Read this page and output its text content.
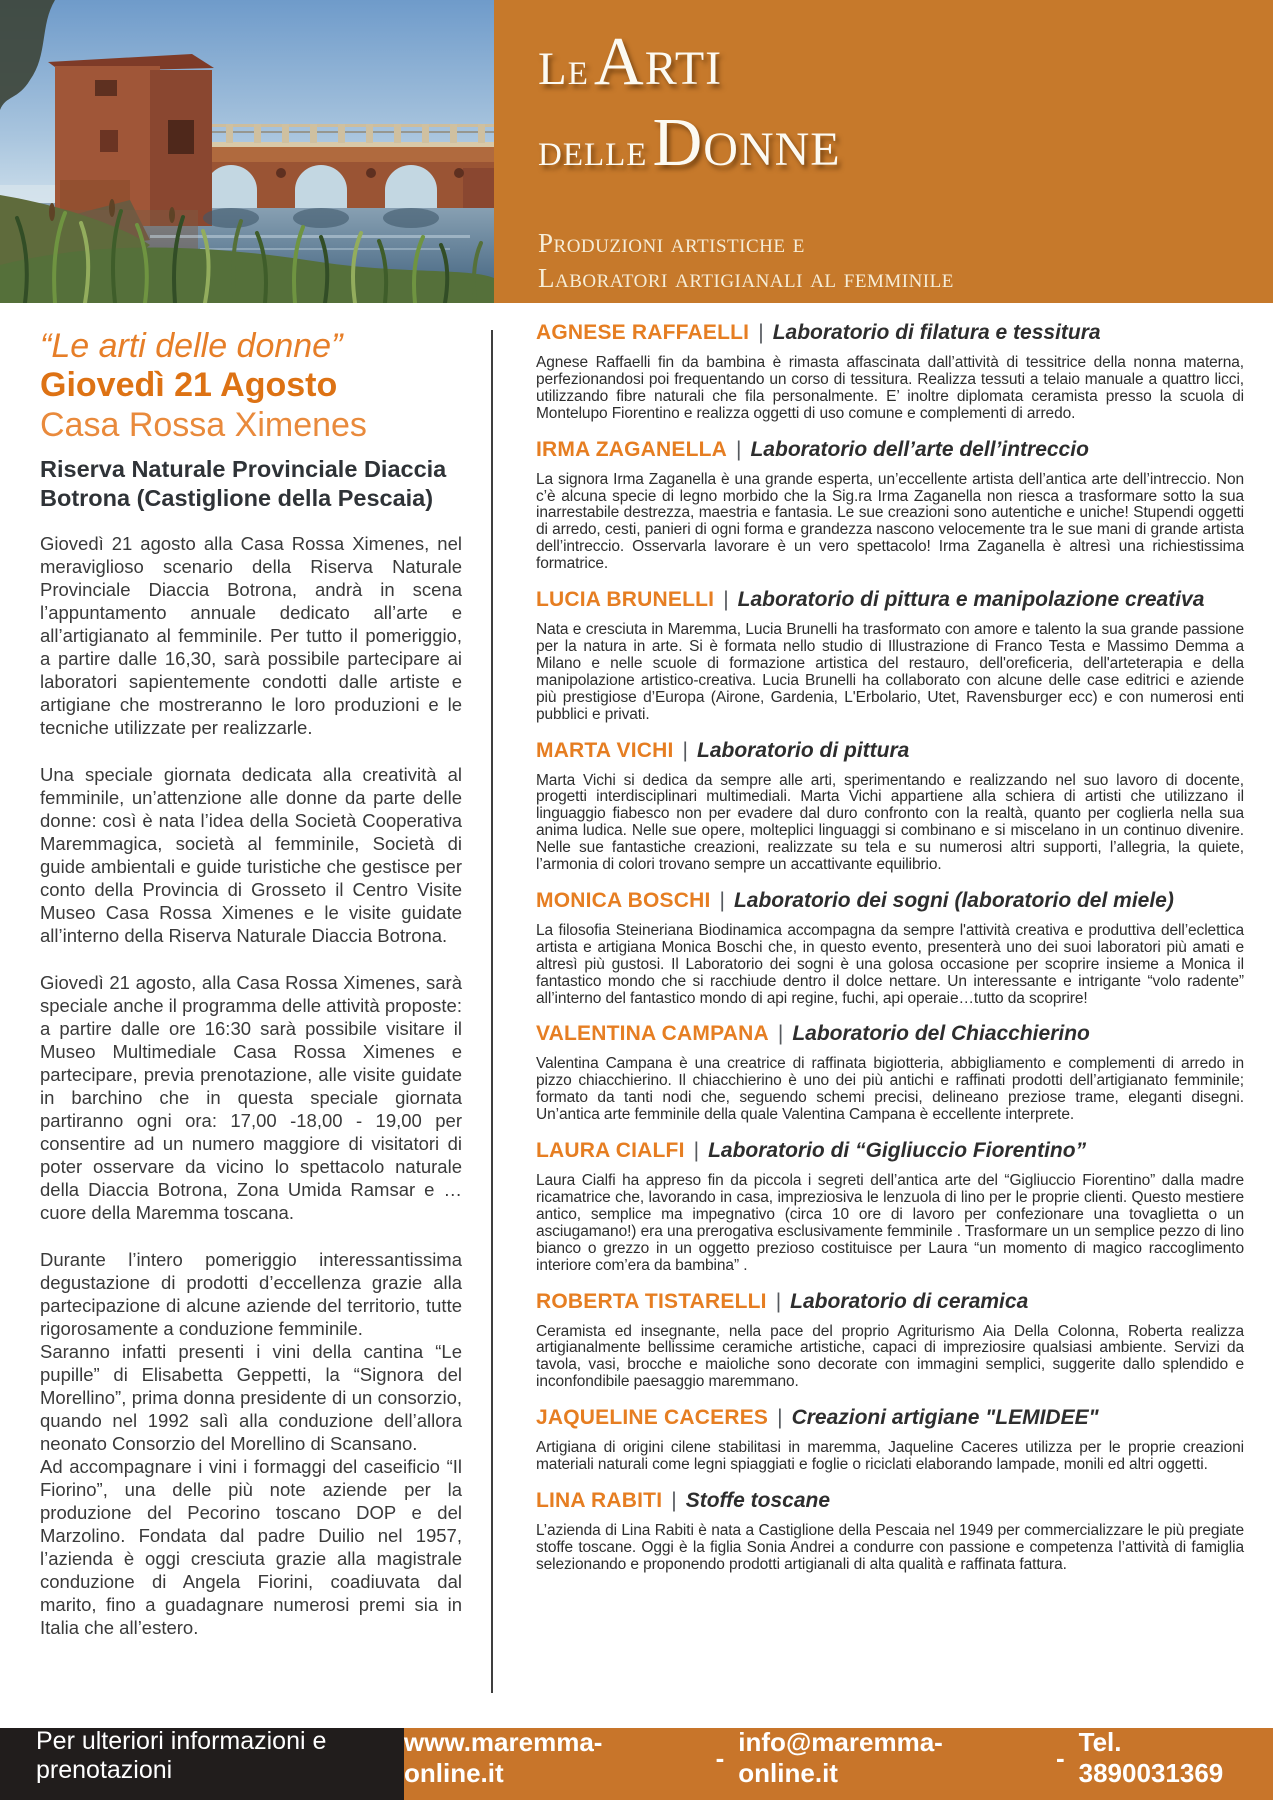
Le Arti
delle Donne
Produzioni artistiche e
Laboratori artigianali al femminile
“Le arti delle donne”
Giovedì 21 Agosto
Casa Rossa Ximenes
Riserva Naturale Provinciale Diaccia
Botrona (Castiglione della Pescaia)

Giovedì 21 agosto alla Casa Rossa Ximenes, nel meraviglioso scenario della Riserva Naturale Provinciale Diaccia Botrona, andrà in scena l’appuntamento annuale dedicato all’arte e all’artigianato al femminile. Per tutto il pomeriggio, a partire dalle 16,30, sarà possibile partecipare ai laboratori sapientemente condotti dalle artiste e artigiane che mostreranno le loro produzioni e le tecniche utilizzate per realizzarle.

Una speciale giornata dedicata alla creatività al femminile, un’attenzione alle donne da parte delle donne: così è nata l’idea della Società Cooperativa Maremmagica, società al femminile, Società di guide ambientali e guide turistiche che gestisce per conto della Provincia di Grosseto il Centro Visite Museo Casa Rossa Ximenes e le visite guidate all’interno della Riserva Naturale Diaccia Botrona.

Giovedì 21 agosto, alla Casa Rossa Ximenes, sarà speciale anche il programma delle attività proposte: a partire dalle ore 16:30 sarà possibile visitare il Museo Multimediale Casa Rossa Ximenes e partecipare, previa prenotazione, alle visite guidate in barchino che in questa speciale giornata partiranno ogni ora: 17,00 -18,00 - 19,00 per consentire ad un numero maggiore di visitatori di poter osservare da vicino lo spettacolo naturale della Diaccia Botrona, Zona Umida Ramsar e …cuore della Maremma toscana.

Durante l’intero pomeriggio interessantissima degustazione di prodotti d’eccellenza grazie alla partecipazione di alcune aziende del territorio, tutte rigorosamente a conduzione femminile.

Saranno infatti presenti i vini della cantina “Le pupille” di Elisabetta Geppetti, la “Signora del Morellino”, prima donna presidente di un consorzio, quando nel 1992 salì alla conduzione dell’allora neonato Consorzio del Morellino di Scansano.

Ad accompagnare i vini i formaggi del caseificio “Il Fiorino”, una delle più note aziende per la produzione del Pecorino toscano DOP e del Marzolino. Fondata dal padre Duilio nel 1957, l’azienda è oggi cresciuta grazie alla magistrale conduzione di Angela Fiorini, coadiuvata dal marito, fino a guadagnare numerosi premi sia in Italia che all’estero.

AGNESE RAFFAELLI | Laboratorio di filatura e tessitura

Agnese Raffaelli fin da bambina è rimasta affascinata dall’attività di tessitrice della nonna materna, perfezionandosi poi frequentando un corso di tessitura. Realizza tessuti a telaio manuale a quattro licci, utilizzando fibre naturali che fila personalmente. E’ inoltre diplomata ceramista presso la scuola di Montelupo Fiorentino e realizza oggetti di uso comune e complementi di arredo.

IRMA ZAGANELLA | Laboratorio dell’arte dell’intreccio

La signora Irma Zaganella è una grande esperta, un’eccellente artista dell’antica arte dell’intreccio. Non c’è alcuna specie di legno morbido che la Sig.ra Irma Zaganella non riesca a trasformare sotto la sua inarrestabile destrezza, maestria e fantasia. Le sue creazioni sono autentiche e uniche! Stupendi oggetti di arredo, cesti, panieri di ogni forma e grandezza nascono velocemente tra le sue mani di grande artista dell’intreccio. Osservarla lavorare è un vero spettacolo! Irma Zaganella è altresì una richiestissima formatrice.

LUCIA BRUNELLI | Laboratorio di pittura e manipolazione creativa

Nata e cresciuta in Maremma, Lucia Brunelli ha trasformato con amore e talento la sua grande passione per la natura in arte. Si è formata nello studio di Illustrazione di Franco Testa e Massimo Demma a Milano e nelle scuole di formazione artistica del restauro, dell'oreficeria, dell'arteterapia e della manipolazione artistico-creativa. Lucia Brunelli ha collaborato con alcune delle case editrici e aziende più prestigiose d’Europa (Airone, Gardenia, L'Erbolario, Utet, Ravensburger ecc) e con numerosi enti pubblici e privati.

MARTA VICHI | Laboratorio di pittura

Marta Vichi si dedica da sempre alle arti, sperimentando e realizzando nel suo lavoro di docente, progetti interdisciplinari multimediali. Marta Vichi appartiene alla schiera di artisti che utilizzano il linguaggio fiabesco non per evadere dal duro confronto con la realtà, quanto per coglierla nella sua anima ludica. Nelle sue opere, molteplici linguaggi si combinano e si miscelano in un continuo divenire. Nelle sue fantastiche creazioni, realizzate su tela e su numerosi altri supporti, l’allegria, la quiete, l’armonia di colori trovano sempre un accattivante equilibrio.

MONICA BOSCHI | Laboratorio dei sogni (laboratorio del miele)

La filosofia Steineriana Biodinamica accompagna da sempre l'attività creativa e produttiva dell’eclettica artista e artigiana Monica Boschi che, in questo evento, presenterà uno dei suoi laboratori più amati e altresì più gustosi. Il Laboratorio dei sogni è una golosa occasione per scoprire insieme a Monica il fantastico mondo che si racchiude dentro il dolce nettare. Un interessante e intrigante “volo radente” all’interno del fantastico mondo di api regine, fuchi, api operaie…tutto da scoprire!

VALENTINA CAMPANA | Laboratorio del Chiacchierino

Valentina Campana è una creatrice di raffinata bigiotteria, abbigliamento e complementi di arredo in pizzo chiacchierino. Il chiacchierino è uno dei più antichi e raffinati prodotti dell’artigianato femminile; formato da tanti nodi che, seguendo schemi precisi, delineano preziose trame, eleganti disegni. Un’antica arte femminile della quale Valentina Campana è eccellente interprete.

LAURA CIALFI | Laboratorio di “Gigliuccio Fiorentino”

Laura Cialfi ha appreso fin da piccola i segreti dell’antica arte del “Gigliuccio Fiorentino” dalla madre ricamatrice che, lavorando in casa, impreziosiva le lenzuola di lino per le proprie clienti. Questo mestiere antico, semplice ma impegnativo (circa 10 ore di lavoro per confezionare una tovaglietta o un asciugamano!) era una prerogativa esclusivamente femminile . Trasformare un un semplice pezzo di lino bianco o grezzo in un oggetto prezioso costituisce per Laura “un momento di magico raccoglimento interiore com’era da bambina” .

ROBERTA TISTARELLI | Laboratorio di ceramica

Ceramista ed insegnante, nella pace del proprio Agriturismo Aia Della Colonna, Roberta realizza artigianalmente bellissime ceramiche artistiche, capaci di impreziosire qualsiasi ambiente. Servizi da tavola, vasi, brocche e maioliche sono decorate con immagini semplici, suggerite dallo splendido e inconfondibile paesaggio maremmano.

JAQUELINE CACERES | Creazioni artigiane "LEMIDEE"

Artigiana di origini cilene stabilitasi in maremma, Jaqueline Caceres utilizza per le proprie creazioni materiali naturali come legni spiaggiati e foglie o riciclati elaborando lampade, monili ed altri oggetti.

LINA RABITI | Stoffe toscane

L’azienda di Lina Rabiti è nata a Castiglione della Pescaia nel 1949 per commercializzare le più pregiate stoffe toscane. Oggi è la figlia Sonia Andrei a condurre con passione e competenza l’attività di famiglia selezionando e proponendo prodotti artigianali di alta qualità e raffinata fattura.

Per ulteriori informazioni e prenotazioni
www.maremma-online.it
-
info@maremma-online.it
-
Tel. 3890031369
